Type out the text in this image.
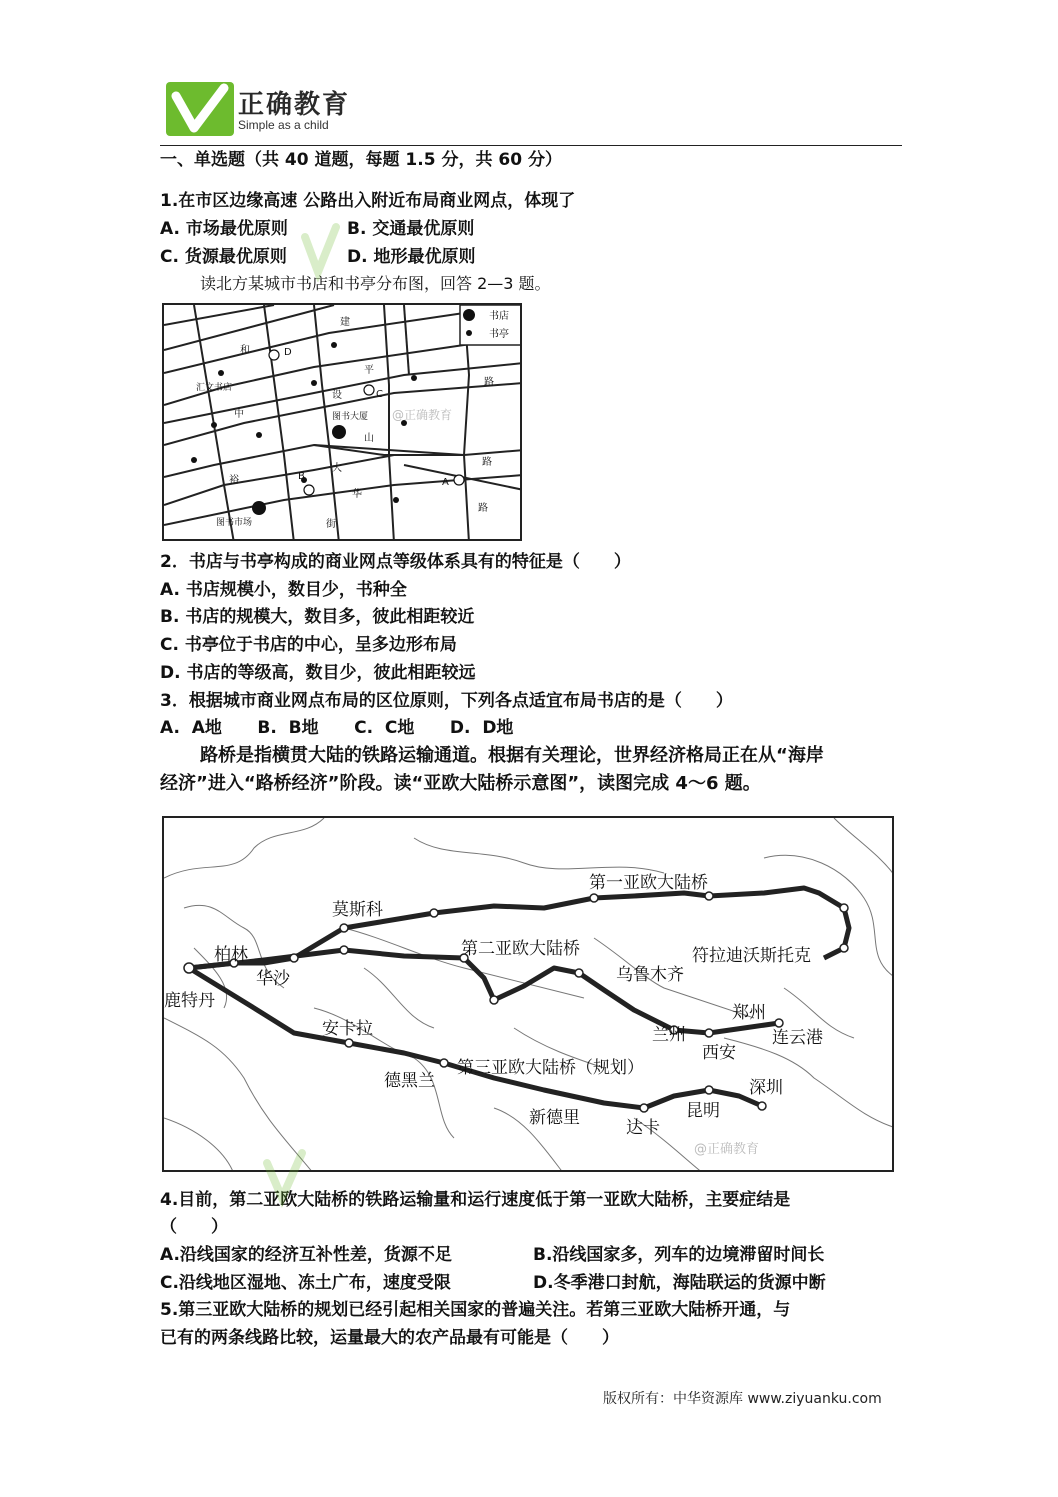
正确教育
Simple as a child
一、单选题（共 40 道题，每题 1.5 分，共 60 分）
1.在市区边缘高速 公路出入附近布局商业网点，体现了
A. 市场最优原则	B. 交通最优原则
C. 货源最优原则	D. 地形最优原则
读北方某城市书店和书亭分布图，回答 2—3 题。
书店
书亭
建
和	D
平
路
汇文书店
设	C
中	图书大厦
山
裕	B
大
路
A
华
路
图书市场	街
@正确教育
2．书店与书亭构成的商业网点等级体系具有的特征是（　　）
A. 书店规模小，数目少，书种全
B. 书店的规模大，数目多，彼此相距较近
C. 书亭位于书店的中心，呈多边形布局
D. 书店的等级高，数目少，彼此相距较远
3．根据城市商业网点布局的区位原则，下列各点适宜布局书店的是（　　）
A.  A地      B.  B地      C.  C地      D.  D地
路桥是指横贯大陆的铁路运输通道。根据有关理论，世界经济格局正在从“海岸
经济”进入“路桥经济”阶段。读“亚欧大陆桥示意图”，读图完成 4～6 题。
第一亚欧大陆桥
莫斯科
柏林
华沙
鹿特丹
第二亚欧大陆桥	符拉迪沃斯托克
乌鲁木齐
郑州
兰州
西安
连云港
安卡拉
德黑兰
第三亚欧大陆桥（规划）
新德里	达卡
昆明
深圳
@正确教育
4.目前，第二亚欧大陆桥的铁路运输量和运行速度低于第一亚欧大陆桥，主要症结是
（　　）
A.沿线国家的经济互补性差，货源不足	B.沿线国家多，列车的边境滞留时间长
C.沿线地区湿地、冻土广布，速度受限	D.冬季港口封航，海陆联运的货源中断
5.第三亚欧大陆桥的规划已经引起相关国家的普遍关注。若第三亚欧大陆桥开通，与
已有的两条线路比较，运量最大的农产品最有可能是（　　）
版权所有：中华资源库 www.ziyuanku.com
